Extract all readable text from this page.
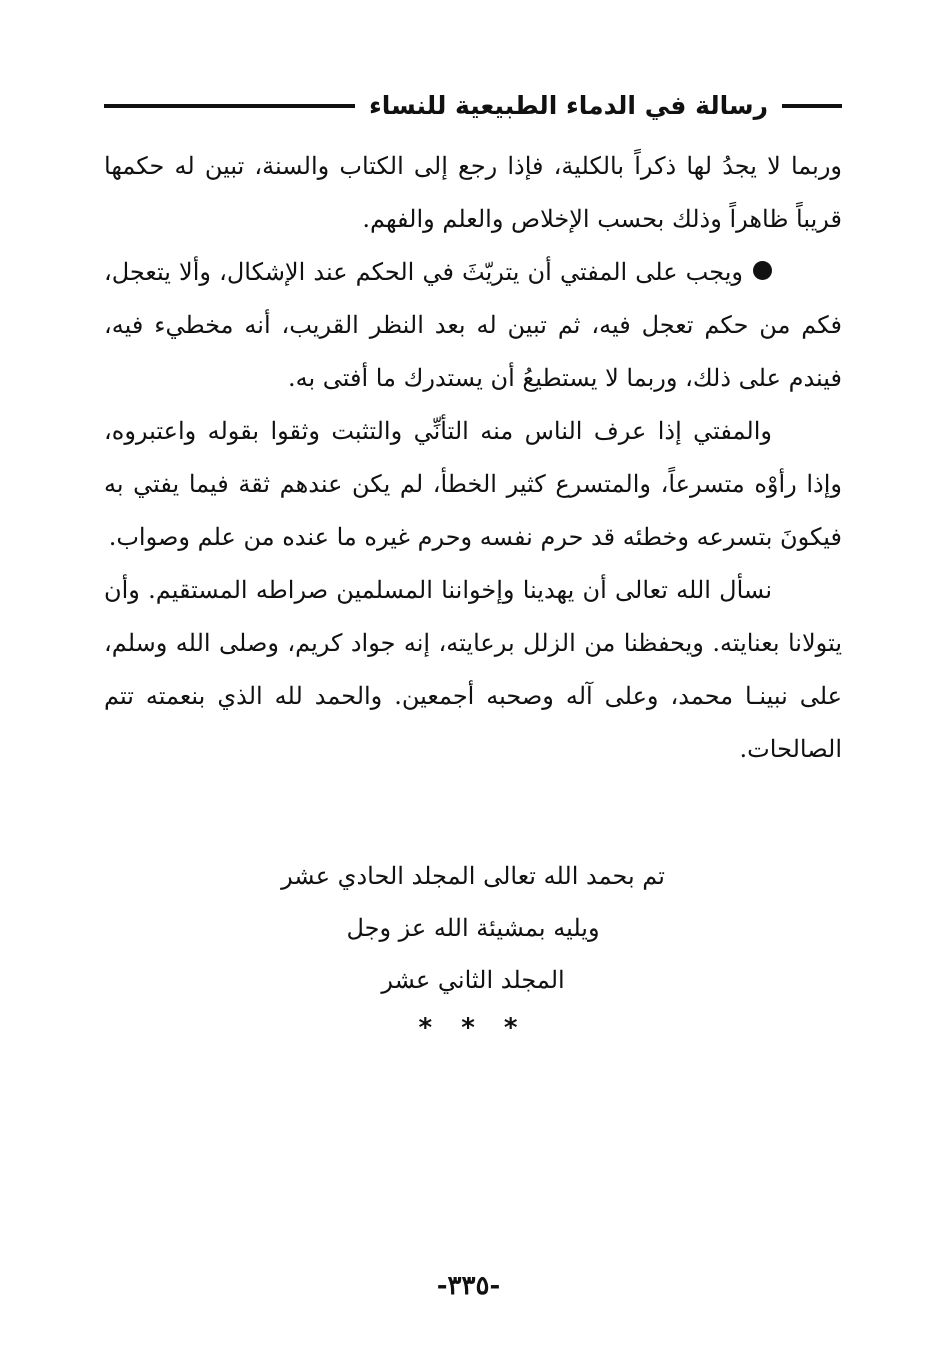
رسالة في الدماء الطبيعية للنساء

وربما لا يجدُ لها ذكراً بالكلية، فإذا رجع إلى الكتاب والسنة، تبين له حكمها قريباً ظاهراً وذلك بحسب الإخلاص والعلم والفهم.

ويجب على المفتي أن يتريّثَ في الحكم عند الإشكال، وألا يتعجل، فكم من حكم تعجل فيه، ثم تبين له بعد النظر القريب، أنه مخطيء فيه، فيندم على ذلك، وربما لا يستطيعُ أن يستدرك ما أفتى به.

والمفتي إذا عرف الناس منه التأنِّي والتثبت وثقوا بقوله واعتبروه، وإذا رأوْه متسرعاً، والمتسرع كثير الخطأ، لم يكن عندهم ثقة فيما يفتي به فيكونَ بتسرعه وخطئه قد حرم نفسه وحرم غيره ما عنده من علم وصواب.

نسأل الله تعالى أن يهدينا وإخواننا المسلمين صراطه المستقيم. وأن يتولانا بعنايته. ويحفظنا من الزلل برعايته، إنه جواد كريم، وصلى الله وسلم، على نبينـا محمد، وعلى آله وصحبه أجمعين. والحمد لله الذي بنعمته تتم الصالحات.

تم بحمد الله تعالى المجلد الحادي عشر

ويليه بمشيئة الله عز وجل

المجلد الثاني عشر

* * *
-٣٣٥-
